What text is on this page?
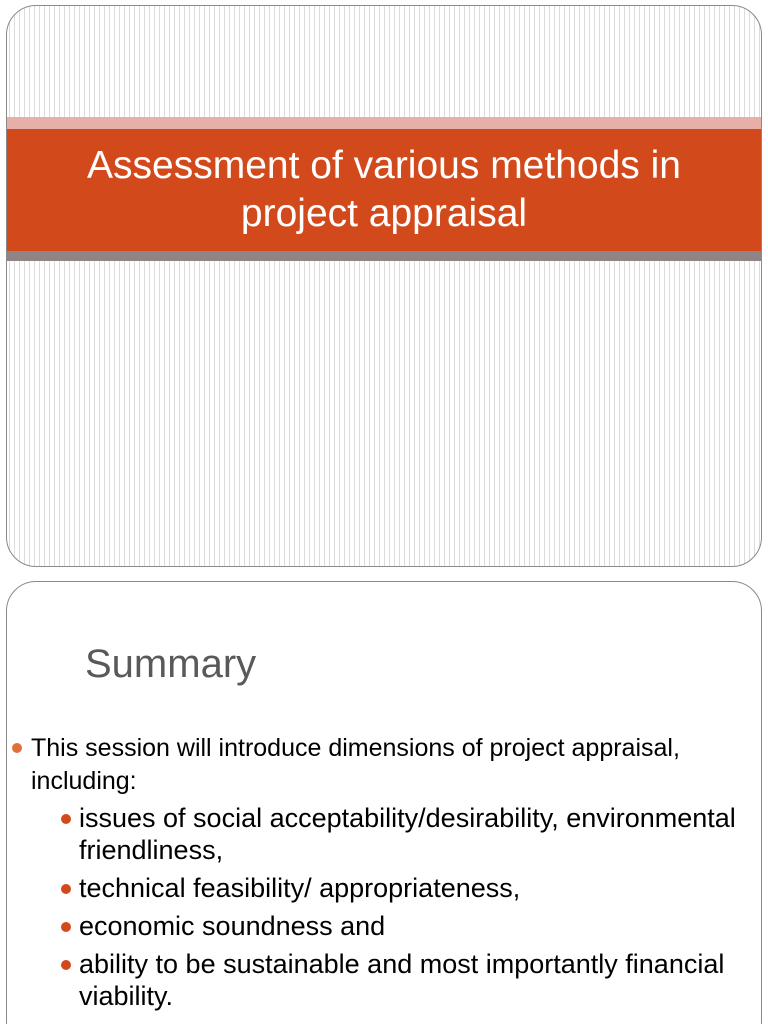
Assessment of various methods in project appraisal
Summary
This session will introduce dimensions of project appraisal, including:
issues of social acceptability/desirability, environmental friendliness,
technical feasibility/ appropriateness,
economic soundness and
ability to be sustainable and most importantly financial viability.
